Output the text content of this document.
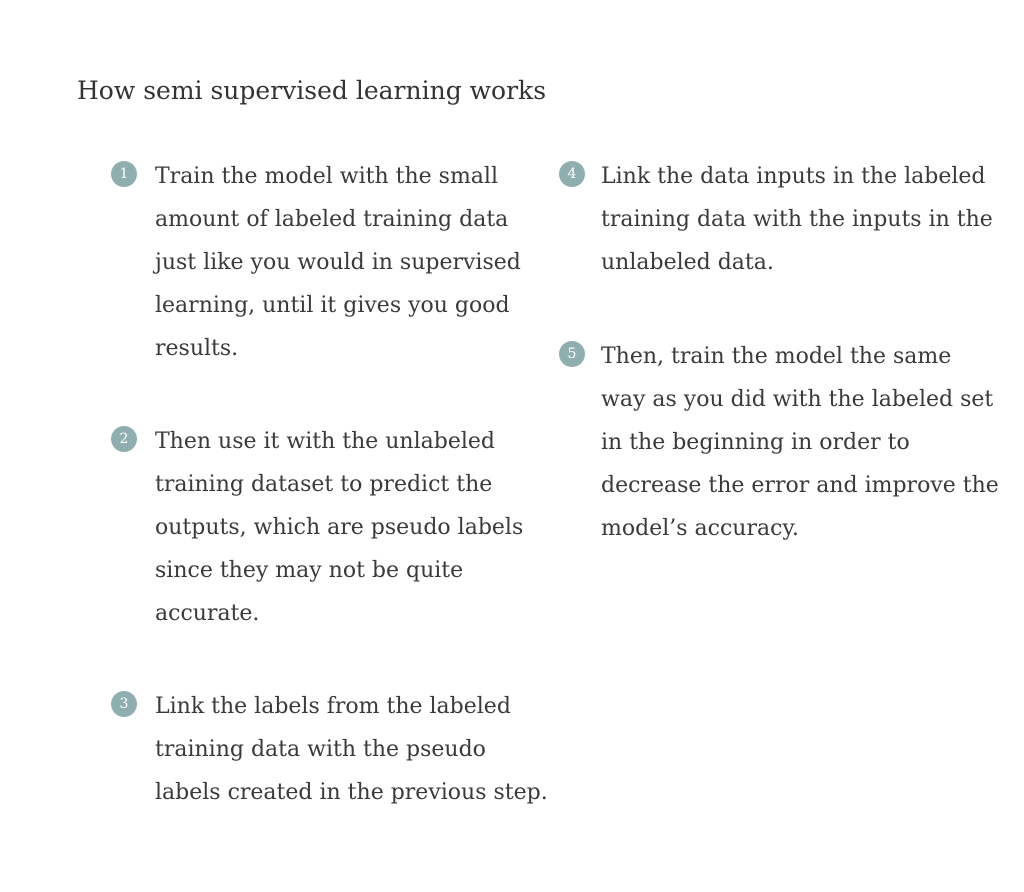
How semi supervised learning works
1	Train the model with the small
amount of labeled training data
just like you would in supervised
learning, until it gives you good
results.
2	Then use it with the unlabeled
training dataset to predict the
outputs, which are pseudo labels
since they may not be quite
accurate.
3	Link the labels from the labeled
training data with the pseudo
labels created in the previous step.
4	Link the data inputs in the labeled
training data with the inputs in the
unlabeled data.
5	Then, train the model the same
way as you did with the labeled set
in the beginning in order to
decrease the error and improve the
model’s accuracy.
